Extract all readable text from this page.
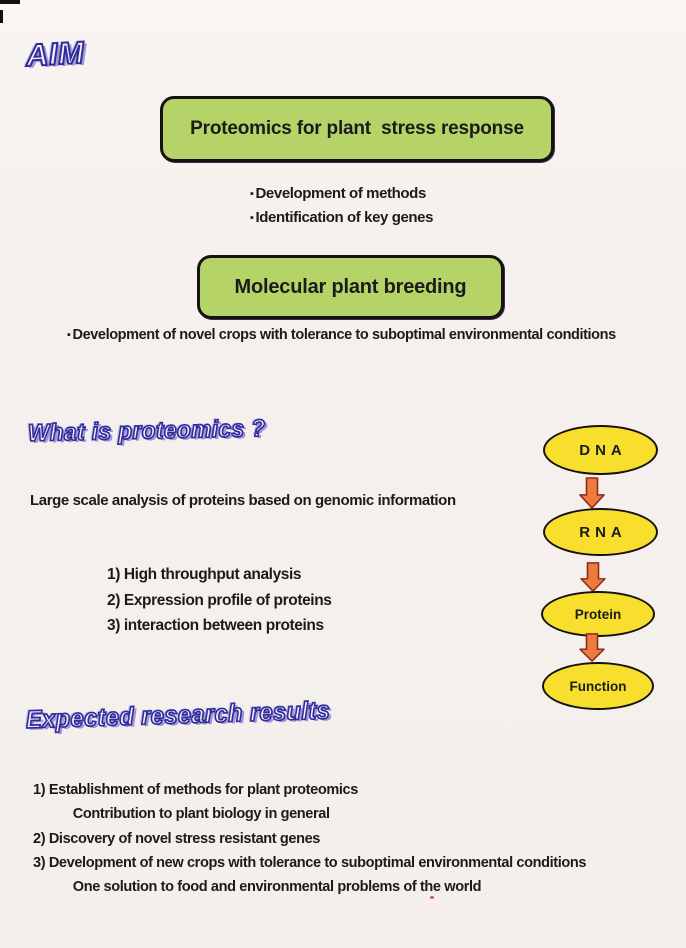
AIM
Proteomics for plant  stress response
▪ Development of methods
▪ Identification of key genes
Molecular plant breeding
▪ Development of novel crops with tolerance to suboptimal environmental conditions
What is proteomics ?
Large scale analysis of proteins based on genomic information
1) High throughput analysis
2) Expression profile of proteins
3) interaction between proteins
DNA
RNA
Protein
Function
Expected research results
1) Establishment of methods for plant proteomics
Contribution to plant biology in general
2) Discovery of novel stress resistant genes
3) Development of new crops with tolerance to suboptimal environmental conditions
One solution to food and environmental problems of the world
